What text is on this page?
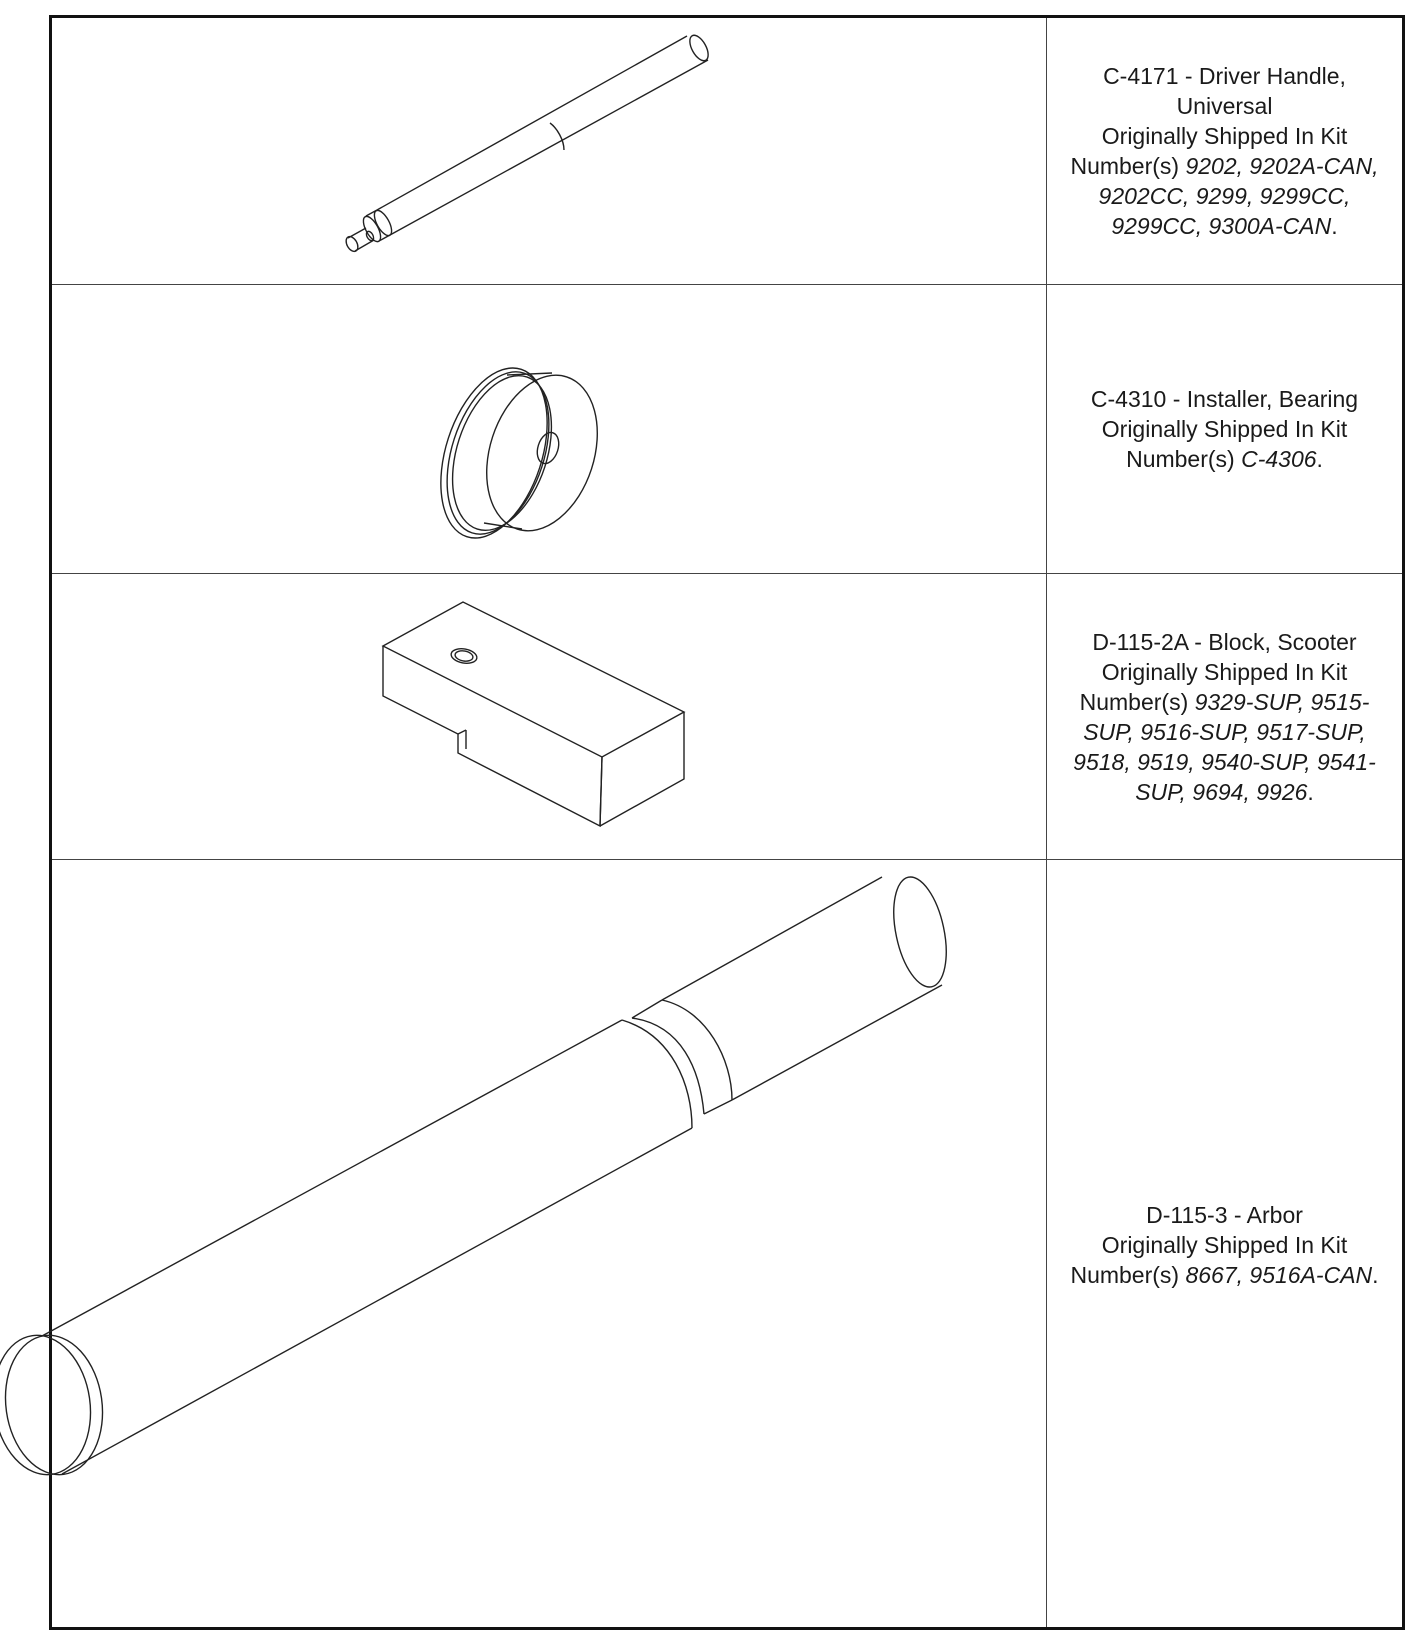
C-4171 - Driver Handle, Universal
Originally Shipped In Kit
Number(s) 9202, 9202A-CAN, 9202CC, 9299, 9299CC, 9299CC, 9300A-CAN.
C-4310 - Installer, Bearing
Originally Shipped In Kit
Number(s) C-4306.
D-115-2A - Block, Scooter
Originally Shipped In Kit
Number(s) 9329-SUP, 9515-SUP, 9516-SUP, 9517-SUP, 9518, 9519, 9540-SUP, 9541-SUP, 9694, 9926.
D-115-3 - Arbor
Originally Shipped In Kit
Number(s) 8667, 9516A-CAN.
